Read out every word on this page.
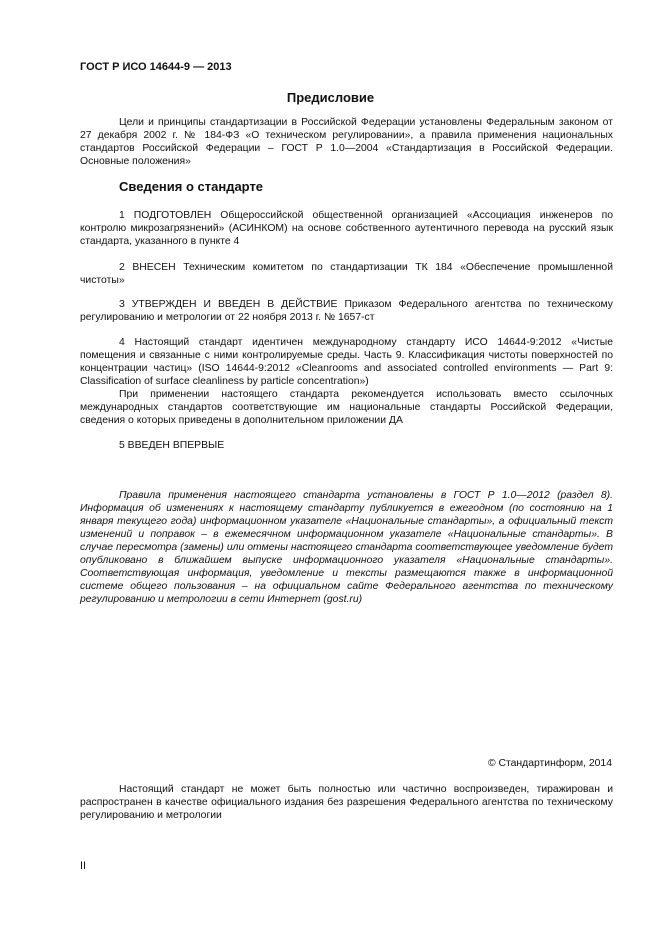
ГОСТ Р ИСО 14644-9 — 2013
Предисловие

Цели и принципы стандартизации в Российской Федерации установлены Федеральным законом от 27 декабря 2002 г. № 184-ФЗ «О техническом регулировании», а правила применения национальных стандартов Российской Федерации – ГОСТ Р 1.0—2004 «Стандартизация в Российской Федерации. Основные положения»

Сведения о стандарте

1 ПОДГОТОВЛЕН Общероссийской общественной организацией «Ассоциация инженеров по контролю микрозагрязнений» (АСИНКОМ) на основе собственного аутентичного перевода на русский язык стандарта, указанного в пункте 4

2 ВНЕСЕН Техническим комитетом по стандартизации ТК 184 «Обеспечение промышленной чистоты»

3 УТВЕРЖДЕН И ВВЕДЕН В ДЕЙСТВИЕ Приказом Федерального агентства по техническому регулированию и метрологии от 22 ноября 2013 г. № 1657-ст

4 Настоящий стандарт идентичен международному стандарту ИСО 14644-9:2012 «Чистые помещения и связанные с ними контролируемые среды. Часть 9. Классификация чистоты поверхностей по концентрации частиц» (ISO 14644-9:2012 «Cleanrooms and associated controlled environments — Part 9: Classification of surface cleanliness by particle concentration»)

При применении настоящего стандарта рекомендуется использовать вместо ссылочных международных стандартов соответствующие им национальные стандарты Российской Федерации, сведения о которых приведены в дополнительном приложении ДА

5 ВВЕДЕН ВПЕРВЫЕ

Правила применения настоящего стандарта установлены в ГОСТ Р 1.0—2012 (раздел 8). Информация об изменениях к настоящему стандарту публикуется в ежегодном (по состоянию на 1 января текущего года) информационном указателе «Национальные стандарты», а официальный текст изменений и поправок – в ежемесячном информационном указателе «Национальные стандарты». В случае пересмотра (замены) или отмены настоящего стандарта соответствующее уведомление будет опубликовано в ближайшем выпуске информационного указателя «Национальные стандарты». Соответствующая информация, уведомление и тексты размещаются также в информационной системе общего пользования – на официальном сайте Федерального агентства по техническому регулированию и метрологии в сети Интернет (gost.ru)

© Стандартинформ, 2014

Настоящий стандарт не может быть полностью или частично воспроизведен, тиражирован и распространен в качестве официального издания без разрешения Федерального агентства по техническому регулированию и метрологии

II
